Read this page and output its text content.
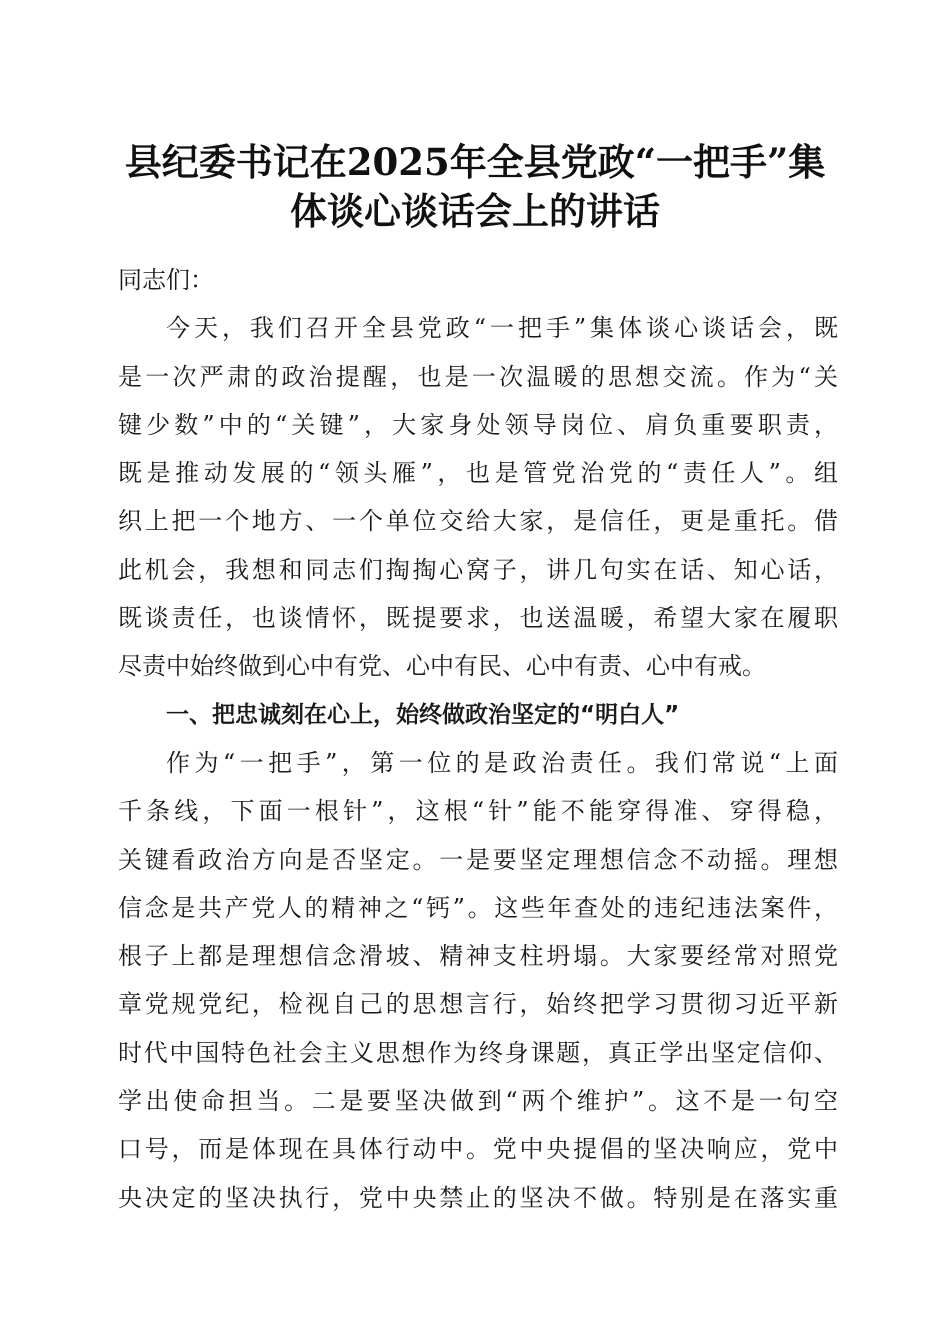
县纪委书记在2025年全县党政“一把手”集
体谈心谈话会上的讲话
同志们：
今天，我们召开全县党政“一把手”集体谈心谈话会，既
是一次严肃的政治提醒，也是一次温暖的思想交流。作为“关
键少数”中的“关键”，大家身处领导岗位、肩负重要职责，
既是推动发展的“领头雁”，也是管党治党的“责任人”。组
织上把一个地方、一个单位交给大家，是信任，更是重托。借
此机会，我想和同志们掏掏心窝子，讲几句实在话、知心话，
既谈责任，也谈情怀，既提要求，也送温暖，希望大家在履职
尽责中始终做到心中有党、心中有民、心中有责、心中有戒。
一、把忠诚刻在心上，始终做政治坚定的“明白人”
作为“一把手”，第一位的是政治责任。我们常说“上面
千条线，下面一根针”，这根“针”能不能穿得准、穿得稳，
关键看政治方向是否坚定。一是要坚定理想信念不动摇。理想
信念是共产党人的精神之“钙”。这些年查处的违纪违法案件，
根子上都是理想信念滑坡、精神支柱坍塌。大家要经常对照党
章党规党纪，检视自己的思想言行，始终把学习贯彻习近平新
时代中国特色社会主义思想作为终身课题，真正学出坚定信仰、
学出使命担当。二是要坚决做到“两个维护”。这不是一句空
口号，而是体现在具体行动中。党中央提倡的坚决响应，党中
央决定的坚决执行，党中央禁止的坚决不做。特别是在落实重
